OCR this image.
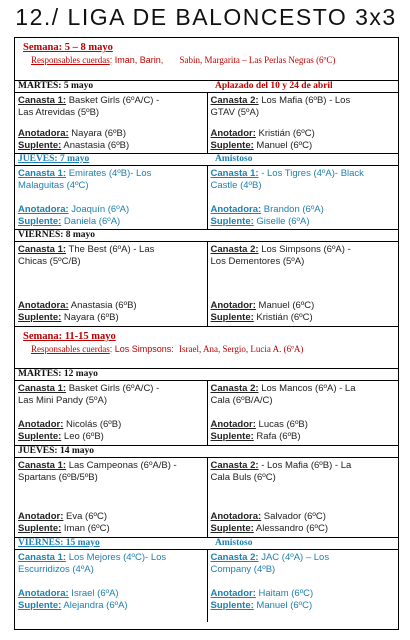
12./ LIGA DE BALONCESTO 3x3
Semana: 5 – 8 mayo
Responsables cuerdas: Iman, Barin, Sabin, Margarita – Las Perlas Negras (6ºC)
MARTES: 5 mayo	Aplazado del 10 y 24 de abril
Canasta 1: Basket Girls (6ºA/C) -
Las Atrevidas (5ºB)
Anotadora: Nayara (6ºB)
Suplente: Anastasia (6ºB)
Canasta 2: Los Mafia (6ºB) - Los
GTAV (5ºA)
Anotador: Kristián (6ºC)
Suplente: Manuel (6ºC)
JUEVES: 7 mayo	Amistoso
Canasta 1: Emirates (4ºB)- Los
Malaguitas (4ºC)
Anotadora: Joaquín (6ºA)
Suplente: Daniela (6ºA)
Canasta 1: - Los Tigres (4ºA)- Black
Castle (4ºB)
Anotadora: Brandon (6ºA)
Suplente: Giselle (6ºA)
VIERNES: 8 mayo
Canasta 1: The Best (6ºA) - Las
Chicas (5ºC/B)
Anotadora: Anastasia (6ºB)
Suplente: Nayara (6ºB)
Canasta 2: Los Simpsons (6ºA) -
Los Dementores (5ºA)
Anotador: Manuel (6ºC)
Suplente: Kristián (6ºC)
Semana: 11-15 mayo
Responsables cuerdas: Los Simpsons: Israel, Ana, Sergio, Lucia A. (6ºA)
MARTES: 12 mayo
Canasta 1: Basket Girls (6ºA/C) -
Las Mini Pandy (5ºA)
Anotador: Nicolás (6ºB)
Suplente: Leo (6ºB)
Canasta 2: Los Mancos (6ºA) - La
Cala (6ºB/A/C)
Anotador: Lucas (6ºB)
Suplente: Rafa (6ºB)
JUEVES: 14 mayo
Canasta 1: Las Campeonas (6ºA/B) -
Spartans (6ºB/5ºB)
Anotador: Eva (6ºC)
Suplente: Iman (6ºC)
Canasta 2: - Los Mafia (6ºB) - La
Cala Buls (6ºC)
Anotadora: Salvador (6ºC)
Suplente: Alessandro (6ºC)
VIERNES: 15 mayo	Amistoso
Canasta 1: Los Mejores (4ºC)- Los
Escurridizos (4ºA)
Anotadora: Israel (6ºA)
Suplente: Alejandra (6ºA)
Canasta 2: JAC (4ºA) – Los
Company (4ºB)
Anotador: Haitam (6ºC)
Suplente: Manuel (6ºC)
